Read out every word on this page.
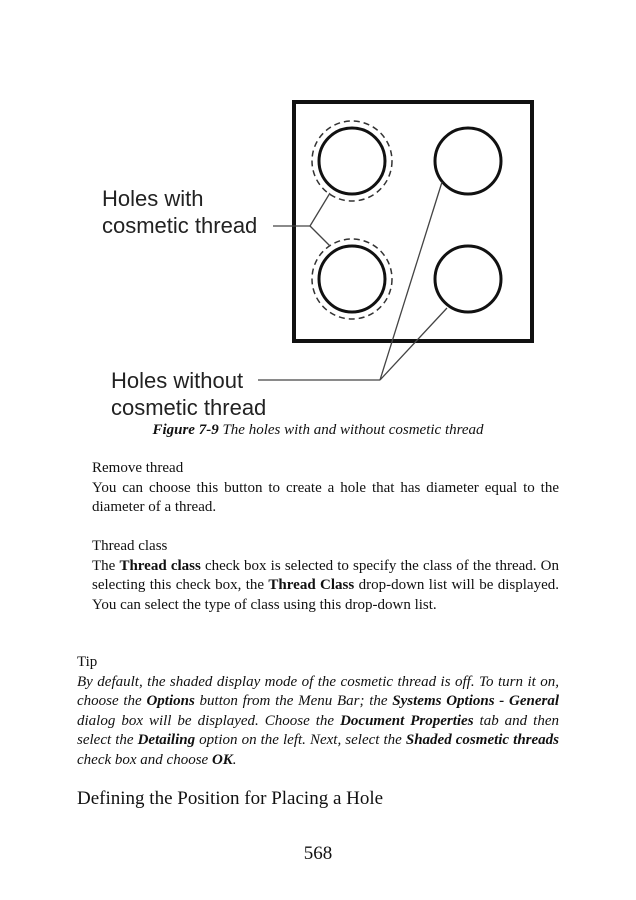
Holes with
cosmetic thread
Holes without
cosmetic thread
Figure 7-9 The holes with and without cosmetic thread
Remove thread
You can choose this button to create a hole that has diameter equal to the diameter of a thread.
Thread class
The Thread class check box is selected to specify the class of the thread. On selecting this check box, the Thread Class drop-down list will be displayed. You can select the type of class using this drop-down list.
Tip
By default, the shaded display mode of the cosmetic thread is off. To turn it on, choose the Options button from the Menu Bar; the Systems Options - General dialog box will be displayed. Choose the Document Properties tab and then select the Detailing option on the left. Next, select the Shaded cosmetic threads check box and choose OK.
Defining the Position for Placing a Hole
568
